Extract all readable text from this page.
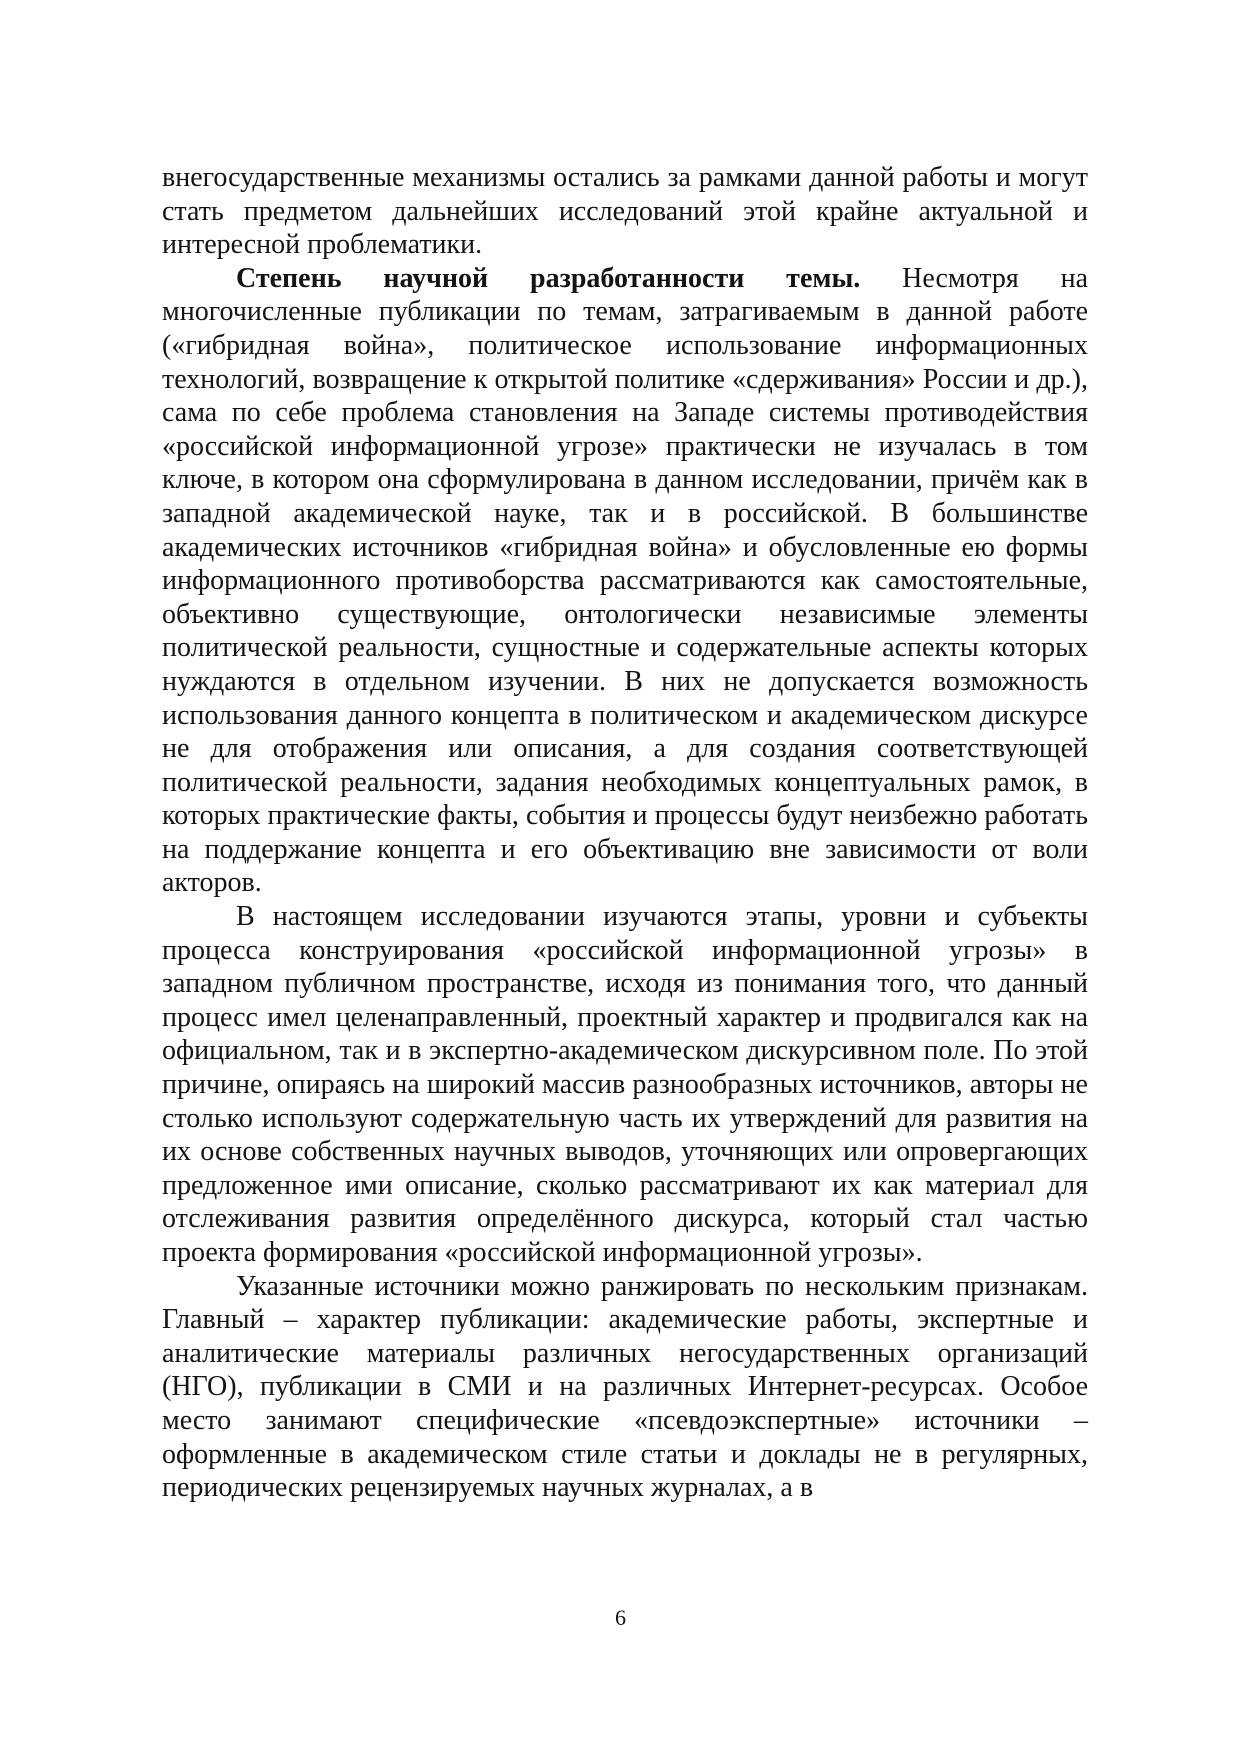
внегосударственные механизмы остались за рамками данной работы и могут стать предметом дальнейших исследований этой крайне актуальной и интересной проблематики.

Степень научной разработанности темы. Несмотря на многочисленные публикации по темам, затрагиваемым в данной работе («гибридная война», политическое использование информационных технологий, возвращение к открытой политике «сдерживания» России и др.), сама по себе проблема становления на Западе системы противодействия «российской информационной угрозе» практически не изучалась в том ключе, в котором она сформулирована в данном исследовании, причём как в западной академической науке, так и в российской. В большинстве академических источников «гибридная война» и обусловленные ею формы информационного противоборства рассматриваются как самостоятельные, объективно существующие, онтологически независимые элементы политической реальности, сущностные и содержательные аспекты которых нуждаются в отдельном изучении. В них не допускается возможность использования данного концепта в политическом и академическом дискурсе не для отображения или описания, а для создания соответствующей политической реальности, задания необходимых концептуальных рамок, в которых практические факты, события и процессы будут неизбежно работать на поддержание концепта и его объективацию вне зависимости от воли акторов.

В настоящем исследовании изучаются этапы, уровни и субъекты процесса конструирования «российской информационной угрозы» в западном публичном пространстве, исходя из понимания того, что данный процесс имел целенаправленный, проектный характер и продвигался как на официальном, так и в экспертно-академическом дискурсивном поле. По этой причине, опираясь на широкий массив разнообразных источников, авторы не столько используют содержательную часть их утверждений для развития на их основе собственных научных выводов, уточняющих или опровергающих предложенное ими описание, сколько рассматривают их как материал для отслеживания развития определённого дискурса, который стал частью проекта формирования «российской информационной угрозы».

Указанные источники можно ранжировать по нескольким признакам. Главный – характер публикации: академические работы, экспертные и аналитические материалы различных негосударственных организаций (НГО), публикации в СМИ и на различных Интернет-ресурсах. Особое место занимают специфические «псевдоэкспертные» источники – оформленные в академическом стиле статьи и доклады не в регулярных, периодических рецензируемых научных журналах, а в

6
